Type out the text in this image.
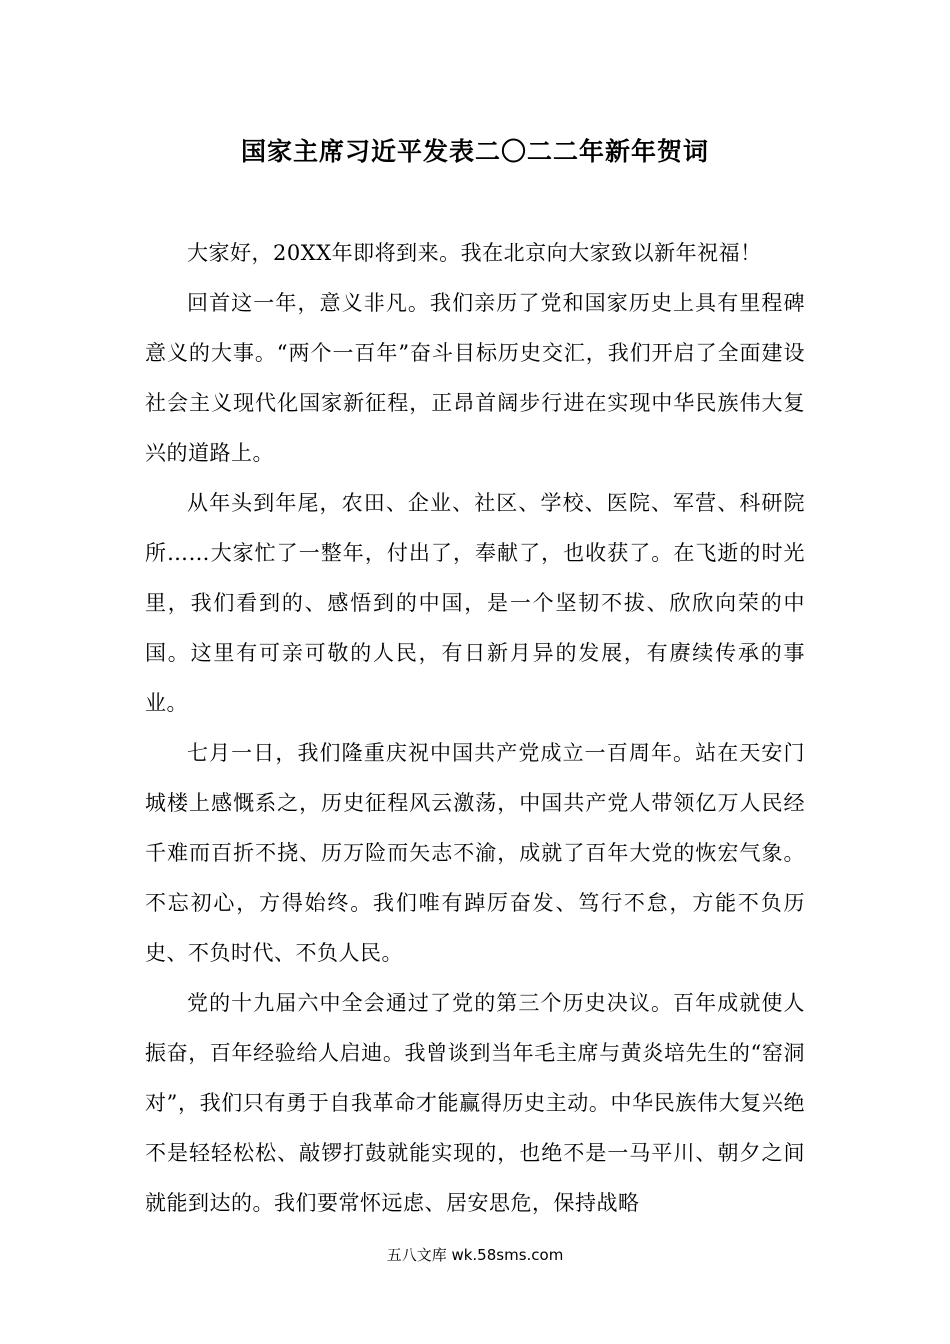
国家主席习近平发表二〇二二年新年贺词

大家好，20XX年即将到来。我在北京向大家致以新年祝福！

回首这一年，意义非凡。我们亲历了党和国家历史上具有里程碑意义的大事。“两个一百年”奋斗目标历史交汇，我们开启了全面建设社会主义现代化国家新征程，正昂首阔步行进在实现中华民族伟大复兴的道路上。

从年头到年尾，农田、企业、社区、学校、医院、军营、科研院所……大家忙了一整年，付出了，奉献了，也收获了。在飞逝的时光里，我们看到的、感悟到的中国，是一个坚韧不拔、欣欣向荣的中国。这里有可亲可敬的人民，有日新月异的发展，有赓续传承的事业。

七月一日，我们隆重庆祝中国共产党成立一百周年。站在天安门城楼上感慨系之，历史征程风云激荡，中国共产党人带领亿万人民经千难而百折不挠、历万险而矢志不渝，成就了百年大党的恢宏气象。不忘初心，方得始终。我们唯有踔厉奋发、笃行不怠，方能不负历史、不负时代、不负人民。

党的十九届六中全会通过了党的第三个历史决议。百年成就使人振奋，百年经验给人启迪。我曾谈到当年毛主席与黄炎培先生的“窑洞对”，我们只有勇于自我革命才能赢得历史主动。中华民族伟大复兴绝不是轻轻松松、敲锣打鼓就能实现的，也绝不是一马平川、朝夕之间就能到达的。我们要常怀远虑、居安思危，保持战略

五八文库 wk.58sms.com
